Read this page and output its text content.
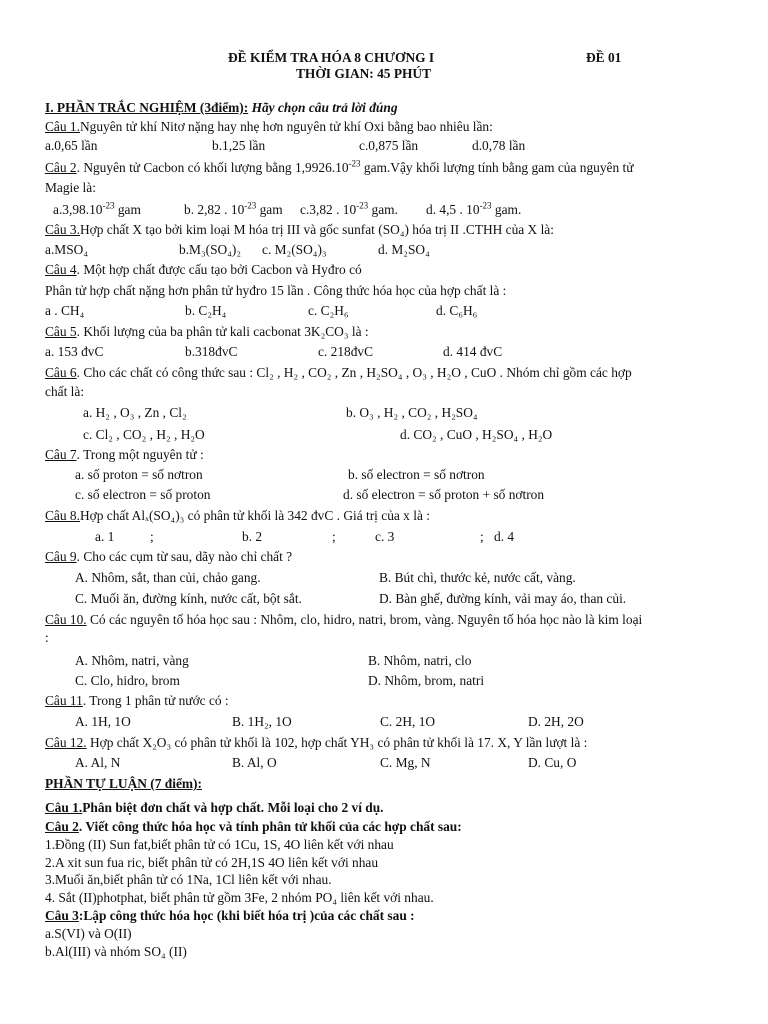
ĐỀ KIỂM TRA HÓA 8 CHƯƠNG I	ĐỀ 01
THỜI GIAN: 45 PHÚT
I. PHẦN TRẮC NGHIỆM (3điểm): Hãy chọn câu trả lời đúng
Câu 1.Nguyên tử khí Nitơ nặng hay nhẹ hơn nguyên tử khí Oxi bằng bao nhiêu lần:
a.0,65 lần	b.1,25 lần	c.0,875 lần	d.0,78 lần
Câu 2. Nguyên tử Cacbon có khối lượng bằng $1,9926.10^{-23}$ gam.Vậy khối lượng tính bằng gam của nguyên tử
Magie là:
$a.3,98.10^{-23}$ gam	b. 2,82 . $10^{-23}$ gam c.3,82 . $10^{-23}$ gam. d. 4,5 . $10^{-23}$ gam.
Câu 3.Hợp chất X tạo bởi kim loại M hóa trị III và gốc sunfat (SO₄) hóa trị II .CTHH của X là:
a.MSO₄	b.M₃(SO₄)₂ c. M₂(SO₄)₃	d. M₂SO₄
Câu 4. Một hợp chất được cấu tạo bởi Cacbon và Hyđro có
Phân tử hợp chất nặng hơn phân tử hyđro 15 lần . Công thức hóa học của hợp chất là :
a . CH₄	b. C₂H₄	c. C₂H₆	d. C₆H₆
Câu 5. Khối lượng của ba phân tử kali cacbonat 3K₂CO₃ là :
a. 153 đvC	b.318đvC	c. 218đvC	d. 414 đvC
Câu 6. Cho các chất có công thức sau : Cl₂ , H₂ , CO₂ , Zn , H₂SO₄ , O₃ , H₂O , CuO . Nhóm chỉ gồm các hợp
chất là:
a. H₂ , O₃ , Zn , Cl₂	b. O₃ , H₂ , CO₂ , H₂SO₄
c. Cl₂ , CO₂ , H₂ , H₂O	d. CO₂ , CuO , H₂SO₄ , H₂O
Câu 7. Trong một nguyên tử :
a. số proton = số nơtron	b. số electron = số nơtron
c. số electron = số proton	d. số electron = số proton + số nơtron
Câu 8.Hợp chất Alₓ(SO₄)₃ có phân tử khối là 342 đvC . Giá trị của x là :
a. 1	;	b. 2	;	c. 3	; d. 4
Câu 9. Cho các cụm từ sau, dãy nào chỉ chất ?
A. Nhôm, sắt, than củi, chảo gang.	B. Bút chì, thước kẻ, nước cất, vàng.
C. Muối ăn, đường kính, nước cất, bột sắt.	D. Bàn ghế, đường kính, vải may áo, than củi.
Câu 10. Có các nguyên tố hóa học sau : Nhôm, clo, hidro, natri, brom, vàng. Nguyên tố hóa học nào là kim loại
:
A. Nhôm, natri, vàng	B. Nhôm, natri, clo
C. Clo, hidro, brom	D. Nhôm, brom, natri
Câu 11. Trong 1 phân tử nước có :
A. 1H, 1O	B. 1H₂, 1O	C. 2H, 1O	D. 2H, 2O
Câu 12. Hợp chất X₂O₃ có phân tử khối là 102, hợp chất YH₃ có phân tử khối là 17. X, Y lần lượt là :
A. Al, N	B. Al, O	C. Mg, N	D. Cu, O
PHẦN TỰ LUẬN (7 điểm):
Câu 1.Phân biệt đơn chất và hợp chất. Mỗi loại cho 2 ví dụ.
Câu 2. Viết công thức hóa học và tính phân tử khối của các hợp chất sau:
1.Đồng (II) Sun fat,biết phân tử có 1Cu, 1S, 4O liên kết với nhau
2.A xit sun fua ric, biết phân tử có 2H,1S 4O liên kết với nhau
3.Muối ăn,biết phân tử có 1Na, 1Cl liên kết với nhau.
4. Sắt (II)photphat, biết phân tử gồm 3Fe, 2 nhóm PO₄ liên kết với nhau.
Câu 3:Lập công thức hóa học (khi biết hóa trị )của các chất sau :
a.S(VI) và O(II)
b.Al(III) và nhóm SO₄ (II)
